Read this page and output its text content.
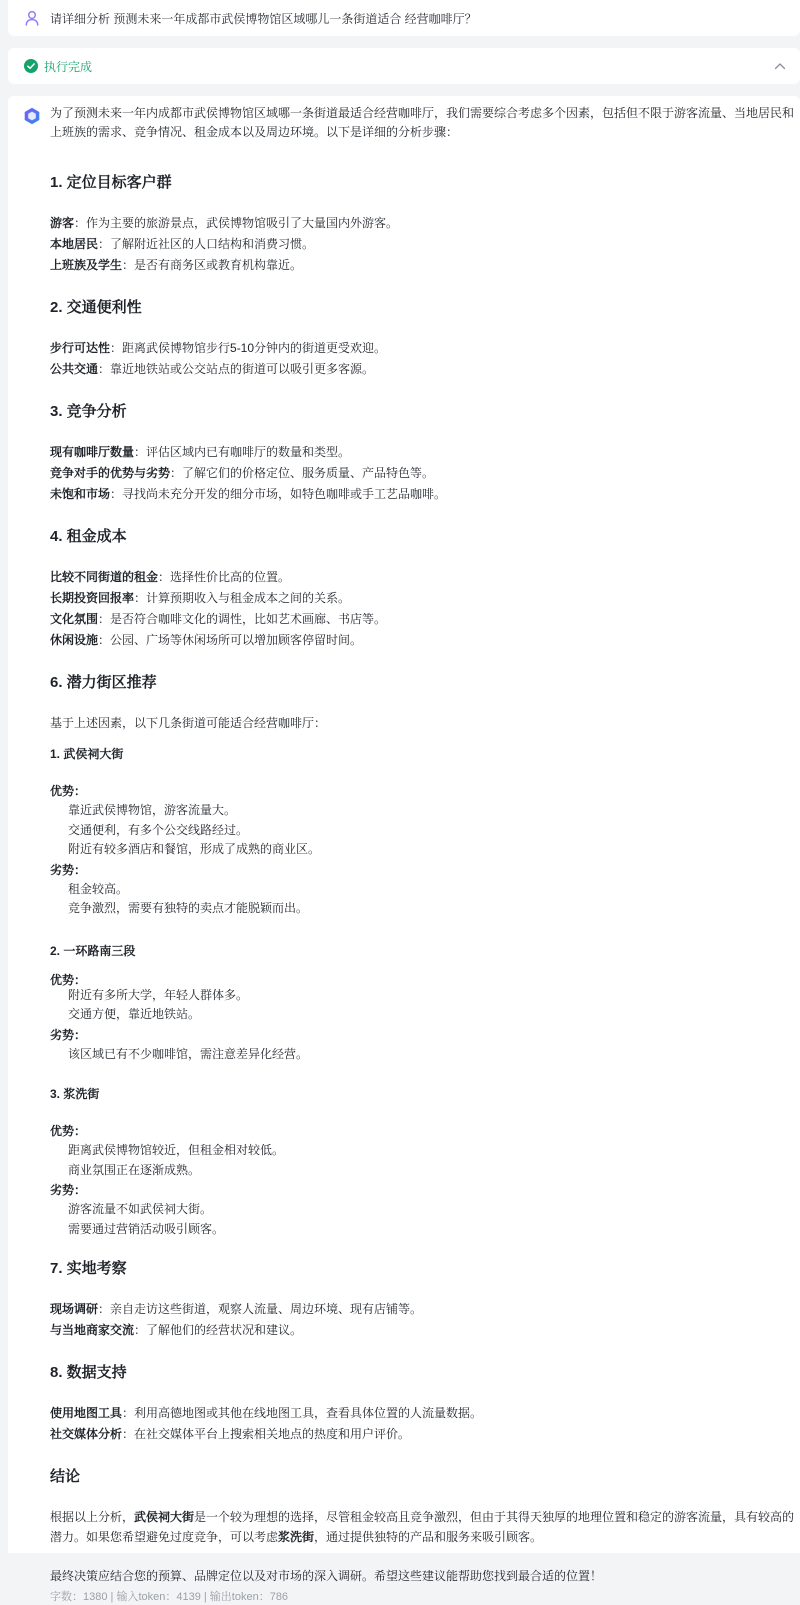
请详细分析 预测未来一年成都市武侯博物馆区域哪儿一条街道适合 经营咖啡厅？
执行完成
为了预测未来一年内成都市武侯博物馆区域哪一条街道最适合经营咖啡厅，我们需要综合考虑多个因素，包括但不限于游客流量、当地居民和上班族的需求、竞争情况、租金成本以及周边环境。以下是详细的分析步骤：
1. 定位目标客户群
游客：作为主要的旅游景点，武侯博物馆吸引了大量国内外游客。
本地居民：了解附近社区的人口结构和消费习惯。
上班族及学生：是否有商务区或教育机构靠近。
2. 交通便利性
步行可达性：距离武侯博物馆步行5-10分钟内的街道更受欢迎。
公共交通：靠近地铁站或公交站点的街道可以吸引更多客源。
3. 竞争分析
现有咖啡厅数量：评估区域内已有咖啡厅的数量和类型。
竞争对手的优势与劣势：了解它们的价格定位、服务质量、产品特色等。
未饱和市场：寻找尚未充分开发的细分市场，如特色咖啡或手工艺品咖啡。
4. 租金成本
比较不同街道的租金：选择性价比高的位置。
长期投资回报率：计算预期收入与租金成本之间的关系。
文化氛围：是否符合咖啡文化的调性，比如艺术画廊、书店等。
休闲设施：公园、广场等休闲场所可以增加顾客停留时间。
6. 潜力街区推荐
基于上述因素，以下几条街道可能适合经营咖啡厅：
1. 武侯祠大街
优势：
靠近武侯博物馆，游客流量大。
交通便利，有多个公交线路经过。
附近有较多酒店和餐馆，形成了成熟的商业区。
劣势：
租金较高。
竞争激烈，需要有独特的卖点才能脱颖而出。
2. 一环路南三段
优势：
附近有多所大学，年轻人群体多。
交通方便，靠近地铁站。
劣势：
该区域已有不少咖啡馆，需注意差异化经营。
3. 浆洗街
优势：
距离武侯博物馆较近，但租金相对较低。
商业氛围正在逐渐成熟。
劣势：
游客流量不如武侯祠大街。
需要通过营销活动吸引顾客。
7. 实地考察
现场调研：亲自走访这些街道，观察人流量、周边环境、现有店铺等。
与当地商家交流：了解他们的经营状况和建议。
8. 数据支持
使用地图工具：利用高德地图或其他在线地图工具，查看具体位置的人流量数据。
社交媒体分析：在社交媒体平台上搜索相关地点的热度和用户评价。
结论
根据以上分析，武侯祠大街是一个较为理想的选择，尽管租金较高且竞争激烈，但由于其得天独厚的地理位置和稳定的游客流量，具有较高的潜力。如果您希望避免过度竞争，可以考虑浆洗街，通过提供独特的产品和服务来吸引顾客。
最终决策应结合您的预算、品牌定位以及对市场的深入调研。希望这些建议能帮助您找到最合适的位置！
字数：1380 | 输入token：4139 | 输出token：786
